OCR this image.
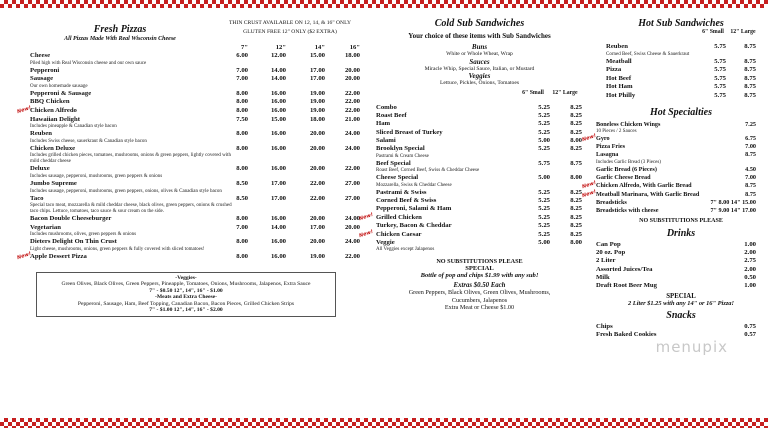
Fresh Pizzas
All Pizzas Made With Real Wisconsin Cheese
THIN CRUST AVAILABLE ON 12, 14, & 16" ONLY
GLUTEN FREE 12" ONLY ($2 EXTRA)
7"	12"	14"	16"
Cheese	6.00	12.00	15.00	18.00
Piled high with Real Wisconsin cheese and our own sauce
Pepperoni	7.00	14.00	17.00	20.00
Sausage	7.00	14.00	17.00	20.00
Our own homemade sausage
Pepperoni & Sausage	8.00	16.00	19.00	22.00
BBQ Chicken	8.00	16.00	19.00	22.00
New!
Chicken Alfredo	8.00	16.00	19.00	22.00
Hawaiian Delight	7.50	15.00	18.00	21.00
Includes pineapple & Canadian style bacon
Reuben	8.00	16.00	20.00	24.00
Includes Swiss cheese, sauerkraut & Canadian style bacon
Chicken Deluxe	8.00	16.00	20.00	24.00
Includes grilled chicken pieces, tomatoes, mushrooms, onions & green peppers, lightly covered with mild cheddar cheese
Deluxe	8.00	16.00	20.00	22.00
Includes sausage, pepperoni, mushrooms, green peppers & onions
Jumbo Supreme	8.50	17.00	22.00	27.00
Includes sausage, pepperoni, mushrooms, green peppers, onions, olives & Canadian style bacon
Taco	8.50	17.00	22.00	27.00
Special taco meat, mozzarella & mild cheddar cheese, black olives, green peppers, onions & crushed taco chips. Lettuce, tomatoes, taco sauce & sour cream on the side.
Bacon Double Cheeseburger	8.00	16.00	20.00	24.00
Vegetarian	7.00	14.00	17.00	20.00
Includes mushrooms, olives, green peppers & onions
Dieters Delight On Thin Crust	8.00	16.00	20.00	24.00
Light cheese, mushrooms, onions, green peppers & fully covered with sliced tomatoes!
New!
Apple Dessert Pizza	8.00	16.00	19.00	22.00
-Veggies-
Green Olives, Black Olives, Green Peppers, Pineapple, Tomatoes, Onions, Mushrooms, Jalapenos, Extra Sauce
7" - $0.50 12", 14", 16" - $1.00
-Meats and Extra Cheese-
Pepperoni, Sausage, Ham, Beef Topping, Canadian Bacon, Bacon Pieces, Grilled Chicken Strips
7" - $1.00 12", 14", 16" - $2.00
Cold Sub Sandwiches
Your choice of these items with Sub Sandwiches
Buns
White or Whole Wheat, Wrap
Sauces
Miracle Whip, Special Sauce, Italian, or Mustard
Veggies
Lettuce, Pickles, Onions, Tomatoes
6" Small	12" Large
Combo	5.25	8.25
Roast Beef	5.25	8.25
Ham	5.25	8.25
Sliced Breast of Turkey	5.25	8.25
Salami	5.00	8.00
Brooklyn Special	5.25	8.25
Pastrami & Cream Cheese
Beef Special	5.75	8.75
Roast Beef, Corned Beef, Swiss & Cheddar Cheese
Cheese Special	5.00	8.00
Mozzarella, Swiss & Cheddar Cheese
Pastrami & Swiss	5.25	8.25
Corned Beef & Swiss	5.25	8.25
Pepperoni, Salami & Ham	5.25	8.25
New! Grilled Chicken	5.25	8.25
Turkey, Bacon & Cheddar	5.25	8.25
New! Chicken Caesar	5.25	8.25
Veggie	5.00	8.00
All Veggies except Jalapenos
NO SUBSTITUTIONS PLEASE
SPECIAL
Bottle of pop and chips $1.99 with any sub!
Extras $0.50 Each
Green Peppers, Black Olives, Green Olives, Mushrooms, Cucumbers, Jalapenos
Extra Meat or Cheese $1.00
Hot Sub Sandwiches
6" Small	12" Large
Reuben	5.75	8.75
Corned Beef, Swiss Cheese & Sauerkraut
Meatball	5.75	8.75
Pizza	5.75	8.75
Hot Beef	5.75	8.75
Hot Ham	5.75	8.75
Hot Philly	5.75	8.75
Hot Specialties
Boneless Chicken Wings	7.25
10 Pieces / 2 Sauces
New!
Gyro	6.75
Pizza Fries	7.00
Lasagna	8.75
Includes Garlic Bread (3 Pieces)
Garlic Bread (6 Pieces)	4.50
Garlic Cheese Bread	7.00
New!
Chicken Alfredo, With Garlic Bread	8.75
New!
Meatball Marinara, With Garlic Bread	8.75
Breadsticks	7" 8.00 14" 15.00
Breadsticks with cheese	7" 9.00 14" 17.00
NO SUBSTITUTIONS PLEASE
Drinks
Can Pop	1.00
20 oz. Pop	2.00
2 Liter	2.75
Assorted Juices/Tea	2.00
Milk	0.50
Draft Root Beer Mug	1.00
SPECIAL
2 Liter $1.25 with any 14" or 16" Pizza!
Snacks
Chips	0.75
Fresh Baked Cookies	0.57
menupix
